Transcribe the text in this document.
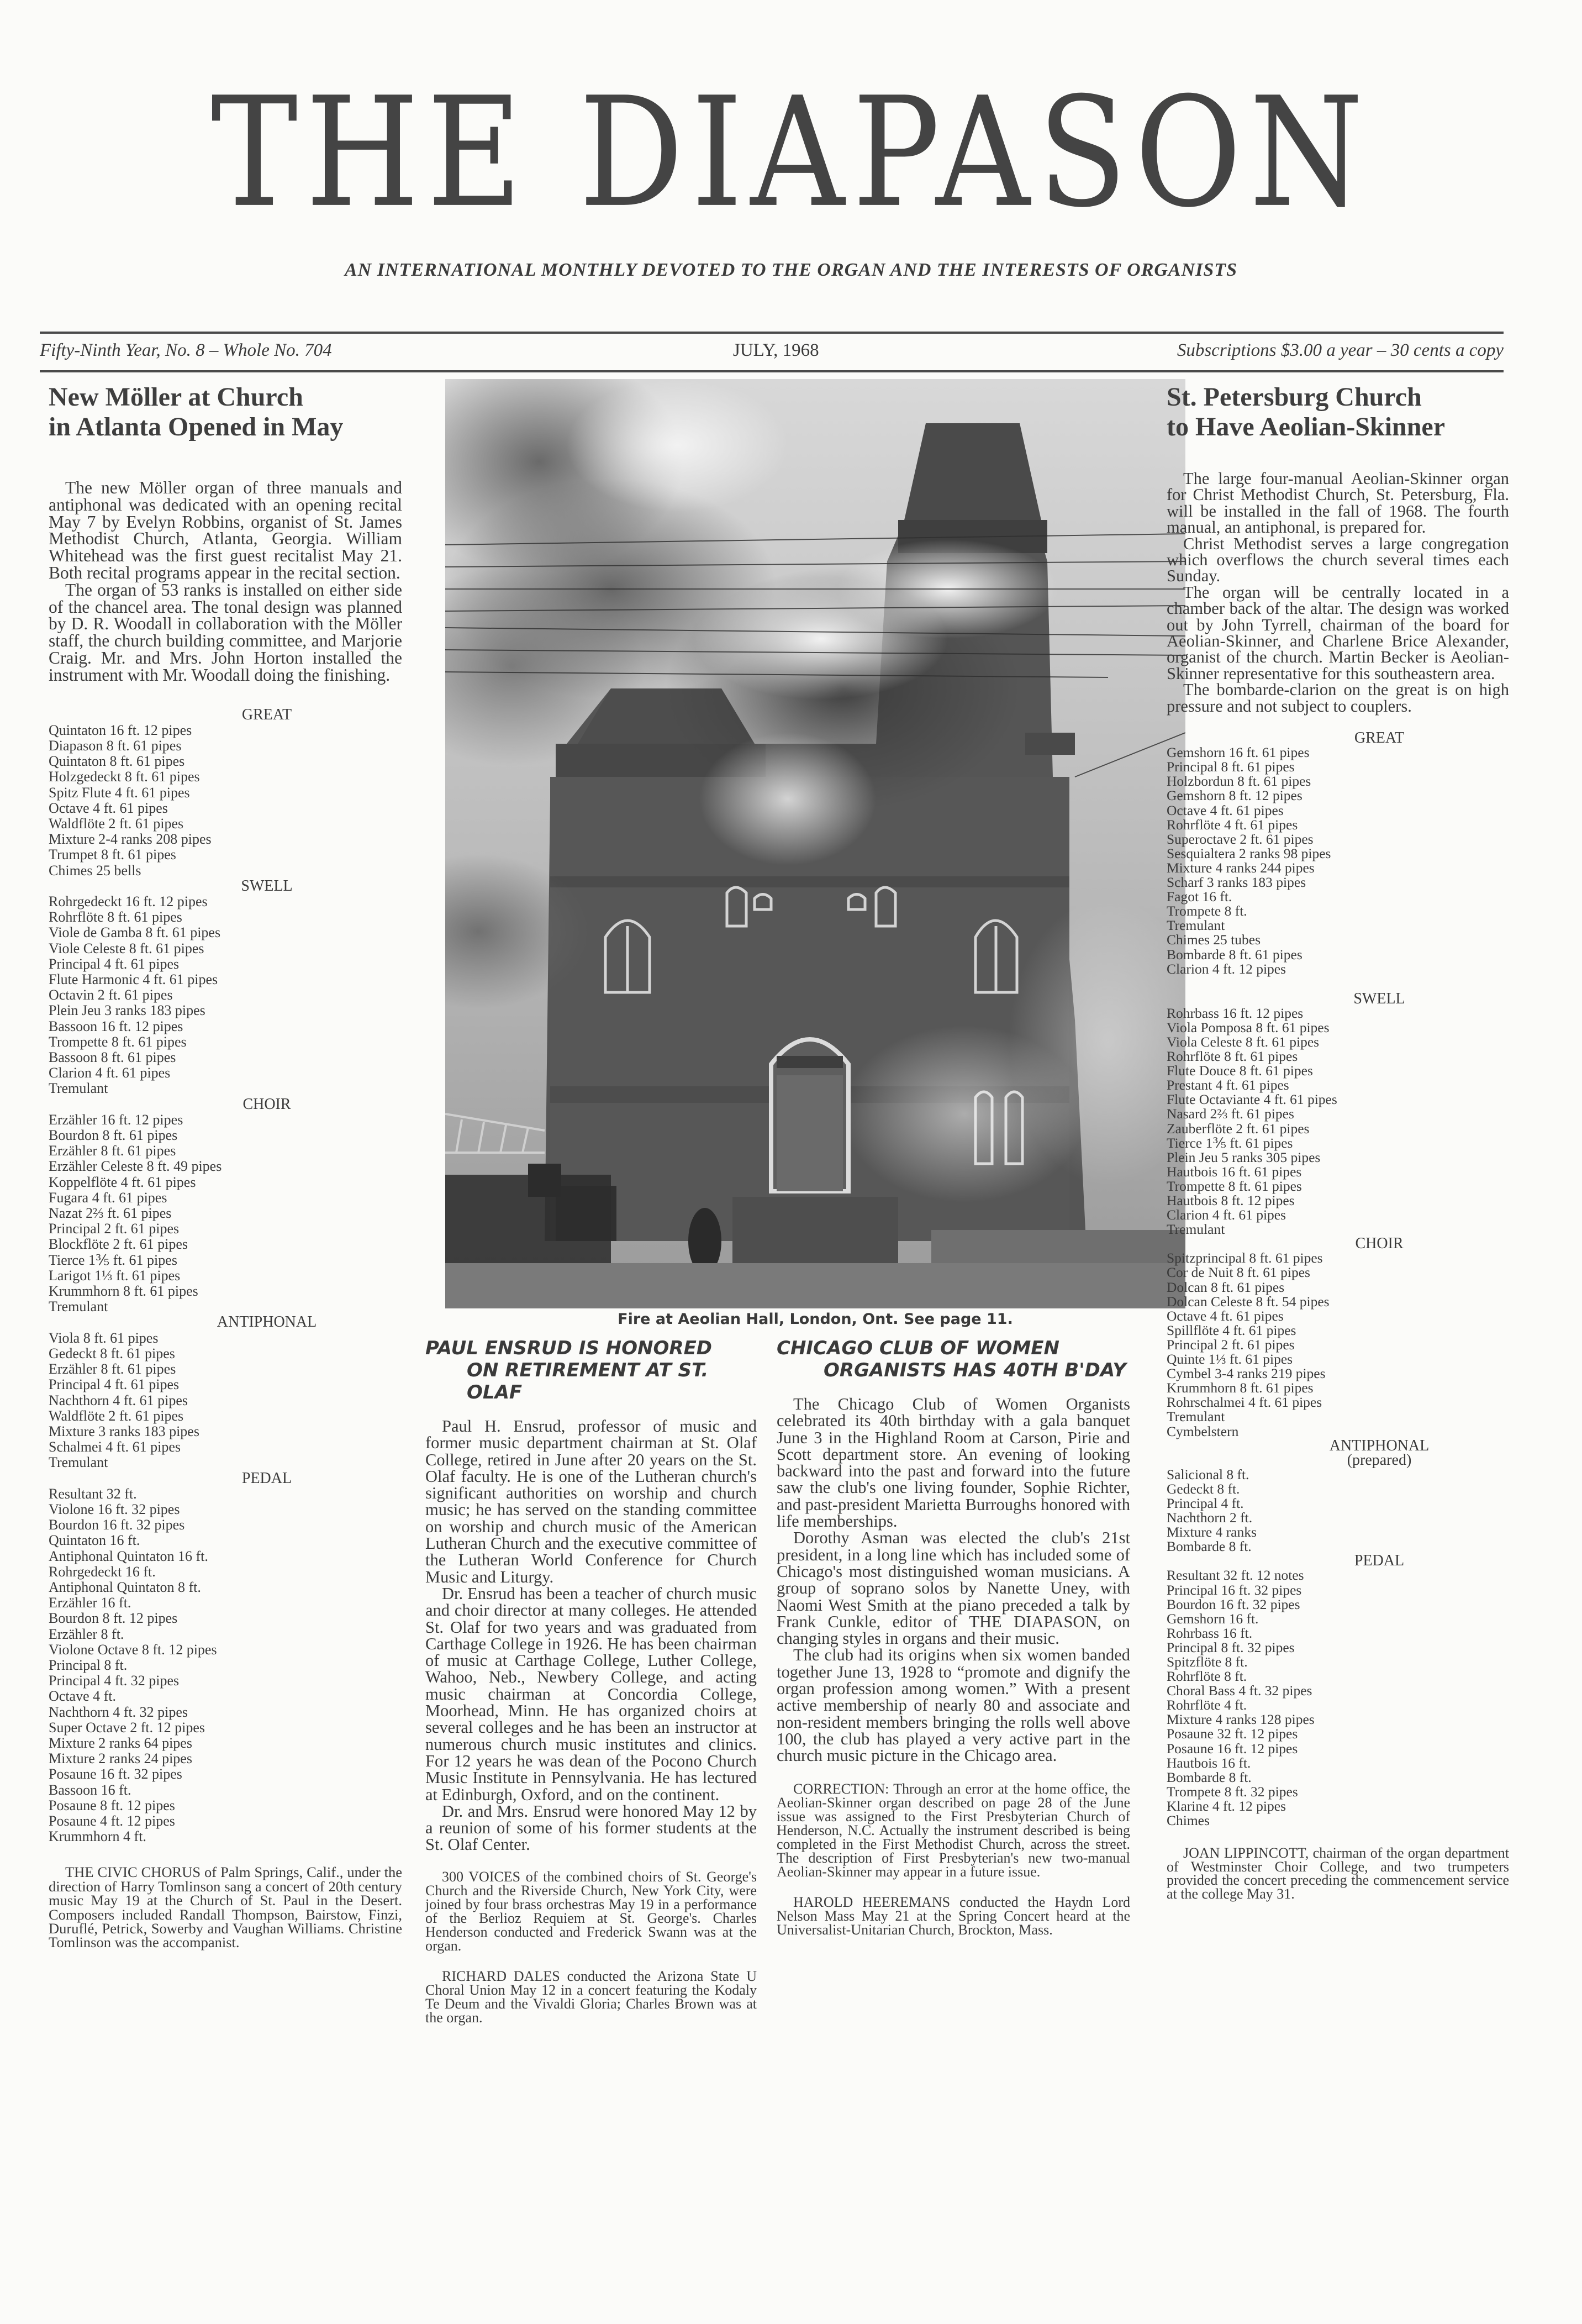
THE DIAPASON
AN INTERNATIONAL MONTHLY DEVOTED TO THE ORGAN AND THE INTERESTS OF ORGANISTS
Fifty-Ninth Year, No. 8 – Whole No. 704	JULY, 1968	Subscriptions $3.00 a year – 30 cents a copy
New Möller at Church
in Atlanta Opened in May

The new Möller organ of three manuals and antiphonal was dedicated with an opening recital May 7 by Evelyn Robbins, organist of St. James Methodist Church, Atlanta, Georgia. William Whitehead was the first guest recitalist May 21. Both recital programs appear in the recital section.

The organ of 53 ranks is installed on either side of the chancel area. The tonal design was planned by D. R. Woodall in collaboration with the Möller staff, the church building committee, and Marjorie Craig. Mr. and Mrs. John Horton installed the instrument with Mr. Woodall doing the finishing.

GREAT
Quintaton 16 ft. 12 pipes
Diapason 8 ft. 61 pipes
Quintaton 8 ft. 61 pipes
Holzgedeckt 8 ft. 61 pipes
Spitz Flute 4 ft. 61 pipes
Octave 4 ft. 61 pipes
Waldflöte 2 ft. 61 pipes
Mixture 2-4 ranks 208 pipes
Trumpet 8 ft. 61 pipes
Chimes 25 bells
SWELL
Rohrgedeckt 16 ft. 12 pipes
Rohrflöte 8 ft. 61 pipes
Viole de Gamba 8 ft. 61 pipes
Viole Celeste 8 ft. 61 pipes
Principal 4 ft. 61 pipes
Flute Harmonic 4 ft. 61 pipes
Octavin 2 ft. 61 pipes
Plein Jeu 3 ranks 183 pipes
Bassoon 16 ft. 12 pipes
Trompette 8 ft. 61 pipes
Bassoon 8 ft. 61 pipes
Clarion 4 ft. 61 pipes
Tremulant
CHOIR
Erzähler 16 ft. 12 pipes
Bourdon 8 ft. 61 pipes
Erzähler 8 ft. 61 pipes
Erzähler Celeste 8 ft. 49 pipes
Koppelflöte 4 ft. 61 pipes
Fugara 4 ft. 61 pipes
Nazat 2⅔ ft. 61 pipes
Principal 2 ft. 61 pipes
Blockflöte 2 ft. 61 pipes
Tierce 1⅗ ft. 61 pipes
Larigot 1⅓ ft. 61 pipes
Krummhorn 8 ft. 61 pipes
Tremulant
ANTIPHONAL
Viola 8 ft. 61 pipes
Gedeckt 8 ft. 61 pipes
Erzähler 8 ft. 61 pipes
Principal 4 ft. 61 pipes
Nachthorn 4 ft. 61 pipes
Waldflöte 2 ft. 61 pipes
Mixture 3 ranks 183 pipes
Schalmei 4 ft. 61 pipes
Tremulant
PEDAL
Resultant 32 ft.
Violone 16 ft. 32 pipes
Bourdon 16 ft. 32 pipes
Quintaton 16 ft.
Antiphonal Quintaton 16 ft.
Rohrgedeckt 16 ft.
Antiphonal Quintaton 8 ft.
Erzähler 16 ft.
Bourdon 8 ft. 12 pipes
Erzähler 8 ft.
Violone Octave 8 ft. 12 pipes
Principal 8 ft.
Principal 4 ft. 32 pipes
Octave 4 ft.
Nachthorn 4 ft. 32 pipes
Super Octave 2 ft. 12 pipes
Mixture 2 ranks 64 pipes
Mixture 2 ranks 24 pipes
Posaune 16 ft. 32 pipes
Bassoon 16 ft.
Posaune 8 ft. 12 pipes
Posaune 4 ft. 12 pipes
Krummhorn 4 ft.

THE CIVIC CHORUS of Palm Springs, Calif., under the direction of Harry Tomlinson sang a concert of 20th century music May 19 at the Church of St. Paul in the Desert. Composers included Randall Thompson, Bairstow, Finzi, Duruflé, Petrick, Sowerby and Vaughan Williams. Christine Tomlinson was the accompanist.

Fire at Aeolian Hall, London, Ont. See page 11.
PAUL ENSRUD IS HONORED
ON RETIREMENT AT ST. OLAF

Paul H. Ensrud, professor of music and former music department chairman at St. Olaf College, retired in June after 20 years on the St. Olaf faculty. He is one of the Lutheran church's significant authorities on worship and church music; he has served on the standing committee on worship and church music of the American Lutheran Church and the executive committee of the Lutheran World Conference for Church Music and Liturgy.

Dr. Ensrud has been a teacher of church music and choir director at many colleges. He attended St. Olaf for two years and was graduated from Carthage College in 1926. He has been chairman of music at Carthage College, Luther College, Wahoo, Neb., Newbery College, and acting music chairman at Concordia College, Moorhead, Minn. He has organized choirs at several colleges and he has been an instructor at numerous church music institutes and clinics. For 12 years he was dean of the Pocono Church Music Institute in Pennsylvania. He has lectured at Edinburgh, Oxford, and on the continent.

Dr. and Mrs. Ensrud were honored May 12 by a reunion of some of his former students at the St. Olaf Center.

300 VOICES of the combined choirs of St. George's Church and the Riverside Church, New York City, were joined by four brass orchestras May 19 in a performance of the Berlioz Requiem at St. George's. Charles Henderson conducted and Frederick Swann was at the organ.

RICHARD DALES conducted the Arizona State U Choral Union May 12 in a concert featuring the Kodaly Te Deum and the Vivaldi Gloria; Charles Brown was at the organ.

CHICAGO CLUB OF WOMEN
ORGANISTS HAS 40TH B'DAY

The Chicago Club of Women Organists celebrated its 40th birthday with a gala banquet June 3 in the Highland Room at Carson, Pirie and Scott department store. An evening of looking backward into the past and forward into the future saw the club's one living founder, Sophie Richter, and past-president Marietta Burroughs honored with life memberships.

Dorothy Asman was elected the club's 21st president, in a long line which has included some of Chicago's most distinguished woman musicians. A group of soprano solos by Nanette Uney, with Naomi West Smith at the piano preceded a talk by Frank Cunkle, editor of THE DIAPASON, on changing styles in organs and their music.

The club had its origins when six women banded together June 13, 1928 to “promote and dignify the organ profession among women.” With a present active membership of nearly 80 and associate and non-resident members bringing the rolls well above 100, the club has played a very active part in the church music picture in the Chicago area.

CORRECTION: Through an error at the home office, the Aeolian-Skinner organ described on page 28 of the June issue was assigned to the First Presbyterian Church of Henderson, N.C. Actually the instrument described is being completed in the First Methodist Church, across the street. The description of First Presbyterian's new two-manual Aeolian-Skinner may appear in a future issue.

HAROLD HEEREMANS conducted the Haydn Lord Nelson Mass May 21 at the Spring Concert heard at the Universalist-Unitarian Church, Brockton, Mass.

St. Petersburg Church
to Have Aeolian-Skinner

The large four-manual Aeolian-Skinner organ for Christ Methodist Church, St. Petersburg, Fla. will be installed in the fall of 1968. The fourth manual, an antiphonal, is prepared for.

Christ Methodist serves a large congregation which overflows the church several times each Sunday.

The organ will be centrally located in a chamber back of the altar. The design was worked out by John Tyrrell, chairman of the board for Aeolian-Skinner, and Charlene Brice Alexander, organist of the church. Martin Becker is Aeolian-Skinner representative for this southeastern area.

The bombarde-clarion on the great is on high pressure and not subject to couplers.

GREAT
Gemshorn 16 ft. 61 pipes
Principal 8 ft. 61 pipes
Holzbordun 8 ft. 61 pipes
Gemshorn 8 ft. 12 pipes
Octave 4 ft. 61 pipes
Rohrflöte 4 ft. 61 pipes
Superoctave 2 ft. 61 pipes
Sesquialtera 2 ranks 98 pipes
Mixture 4 ranks 244 pipes
Scharf 3 ranks 183 pipes
Fagot 16 ft.
Trompete 8 ft.
Tremulant
Chimes 25 tubes
Bombarde 8 ft. 61 pipes
Clarion 4 ft. 12 pipes
SWELL
Rohrbass 16 ft. 12 pipes
Viola Pomposa 8 ft. 61 pipes
Viola Celeste 8 ft. 61 pipes
Rohrflöte 8 ft. 61 pipes
Flute Douce 8 ft. 61 pipes
Prestant 4 ft. 61 pipes
Flute Octaviante 4 ft. 61 pipes
Nasard 2⅔ ft. 61 pipes
Zauberflöte 2 ft. 61 pipes
Tierce 1⅗ ft. 61 pipes
Plein Jeu 5 ranks 305 pipes
Hautbois 16 ft. 61 pipes
Trompette 8 ft. 61 pipes
Hautbois 8 ft. 12 pipes
Clarion 4 ft. 61 pipes
Tremulant
CHOIR
Spitzprincipal 8 ft. 61 pipes
Cor de Nuit 8 ft. 61 pipes
Dolcan 8 ft. 61 pipes
Dolcan Celeste 8 ft. 54 pipes
Octave 4 ft. 61 pipes
Spillflöte 4 ft. 61 pipes
Principal 2 ft. 61 pipes
Quinte 1⅓ ft. 61 pipes
Cymbel 3-4 ranks 219 pipes
Krummhorn 8 ft. 61 pipes
Rohrschalmei 4 ft. 61 pipes
Tremulant
Cymbelstern
ANTIPHONAL
(prepared)
Salicional 8 ft.
Gedeckt 8 ft.
Principal 4 ft.
Nachthorn 2 ft.
Mixture 4 ranks
Bombarde 8 ft.
PEDAL
Resultant 32 ft. 12 notes
Principal 16 ft. 32 pipes
Bourdon 16 ft. 32 pipes
Gemshorn 16 ft.
Rohrbass 16 ft.
Principal 8 ft. 32 pipes
Spitzflöte 8 ft.
Rohrflöte 8 ft.
Choral Bass 4 ft. 32 pipes
Rohrflöte 4 ft.
Mixture 4 ranks 128 pipes
Posaune 32 ft. 12 pipes
Posaune 16 ft. 12 pipes
Hautbois 16 ft.
Bombarde 8 ft.
Trompete 8 ft. 32 pipes
Klarine 4 ft. 12 pipes
Chimes

JOAN LIPPINCOTT, chairman of the organ department of Westminster Choir College, and two trumpeters provided the concert preceding the commencement service at the college May 31.
